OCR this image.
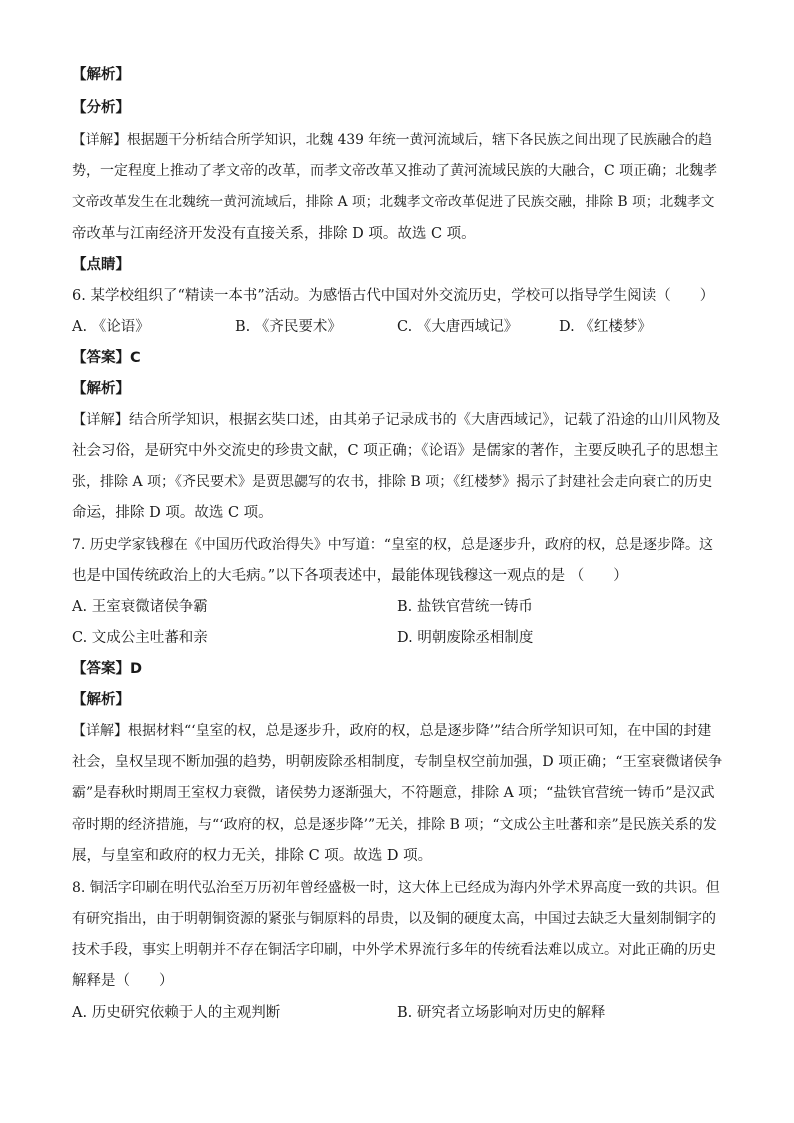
【解析】
【分析】
【详解】根据题干分析结合所学知识，北魏 439 年统一黄河流域后，辖下各民族之间出现了民族融合的趋
势，一定程度上推动了孝文帝的改革，而孝文帝改革又推动了黄河流域民族的大融合，C 项正确；北魏孝
文帝改革发生在北魏统一黄河流域后，排除 A 项；北魏孝文帝改革促进了民族交融，排除 B 项；北魏孝文
帝改革与江南经济开发没有直接关系，排除 D 项。故选 C 项。
【点睛】
6. 某学校组织了“精读一本书”活动。为感悟古代中国对外交流历史，学校可以指导学生阅读（　　）
A. 《论语》	B. 《齐民要术》	C. 《大唐西域记》	D. 《红楼梦》
【答案】C
【解析】
【详解】结合所学知识，根据玄奘口述，由其弟子记录成书的《大唐西域记》，记载了沿途的山川风物及
社会习俗，是研究中外交流史的珍贵文献，C 项正确；《论语》是儒家的著作，主要反映孔子的思想主
张，排除 A 项；《齐民要术》是贾思勰写的农书，排除 B 项；《红楼梦》揭示了封建社会走向衰亡的历史
命运，排除 D 项。故选 C 项。
7. 历史学家钱穆在《中国历代政治得失》中写道：“皇室的权，总是逐步升，政府的权，总是逐步降。这
也是中国传统政治上的大毛病。”以下各项表述中，最能体现钱穆这一观点的是 （　　）
A. 王室衰微诸侯争霸	B. 盐铁官营统一铸币
C. 文成公主吐蕃和亲	D. 明朝废除丞相制度
【答案】D
【解析】
【详解】根据材料“‘皇室的权，总是逐步升，政府的权，总是逐步降’”结合所学知识可知，在中国的封建
社会，皇权呈现不断加强的趋势，明朝废除丞相制度，专制皇权空前加强，D 项正确；“王室衰微诸侯争
霸”是春秋时期周王室权力衰微，诸侯势力逐渐强大，不符题意，排除 A 项；“盐铁官营统一铸币”是汉武
帝时期的经济措施，与“‘政府的权，总是逐步降’”无关，排除 B 项；“文成公主吐蕃和亲”是民族关系的发
展，与皇室和政府的权力无关，排除 C 项。故选 D 项。
8. 铜活字印刷在明代弘治至万历初年曾经盛极一时，这大体上已经成为海内外学术界高度一致的共识。但
有研究指出，由于明朝铜资源的紧张与铜原料的昂贵，以及铜的硬度太高，中国过去缺乏大量刻制铜字的
技术手段，事实上明朝并不存在铜活字印刷，中外学术界流行多年的传统看法难以成立。对此正确的历史
解释是（　　）
A. 历史研究依赖于人的主观判断	B. 研究者立场影响对历史的解释
